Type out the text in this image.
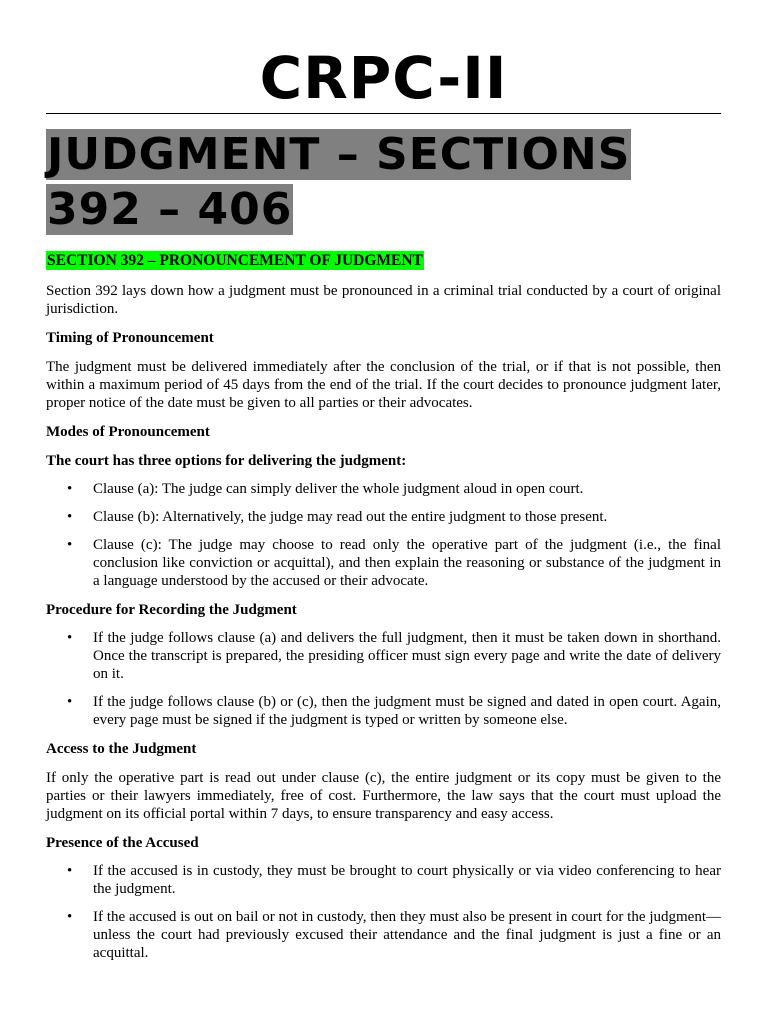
CRPC-II
JUDGMENT – SECTIONS 392 – 406
SECTION 392 – PRONOUNCEMENT OF JUDGMENT

Section 392 lays down how a judgment must be pronounced in a criminal trial conducted by a court of original jurisdiction.

Timing of Pronouncement

The judgment must be delivered immediately after the conclusion of the trial, or if that is not possible, then within a maximum period of 45 days from the end of the trial. If the court decides to pronounce judgment later, proper notice of the date must be given to all parties or their advocates.

Modes of Pronouncement

The court has three options for delivering the judgment:

• Clause (a): The judge can simply deliver the whole judgment aloud in open court.
• Clause (b): Alternatively, the judge may read out the entire judgment to those present.
• Clause (c): The judge may choose to read only the operative part of the judgment (i.e., the final conclusion like conviction or acquittal), and then explain the reasoning or substance of the judgment in a language understood by the accused or their advocate.

Procedure for Recording the Judgment

• If the judge follows clause (a) and delivers the full judgment, then it must be taken down in shorthand. Once the transcript is prepared, the presiding officer must sign every page and write the date of delivery on it.
• If the judge follows clause (b) or (c), then the judgment must be signed and dated in open court. Again, every page must be signed if the judgment is typed or written by someone else.

Access to the Judgment

If only the operative part is read out under clause (c), the entire judgment or its copy must be given to the parties or their lawyers immediately, free of cost. Furthermore, the law says that the court must upload the judgment on its official portal within 7 days, to ensure transparency and easy access.

Presence of the Accused

• If the accused is in custody, they must be brought to court physically or via video conferencing to hear the judgment.
• If the accused is out on bail or not in custody, then they must also be present in court for the judgment—unless the court had previously excused their attendance and the final judgment is just a fine or an acquittal.
